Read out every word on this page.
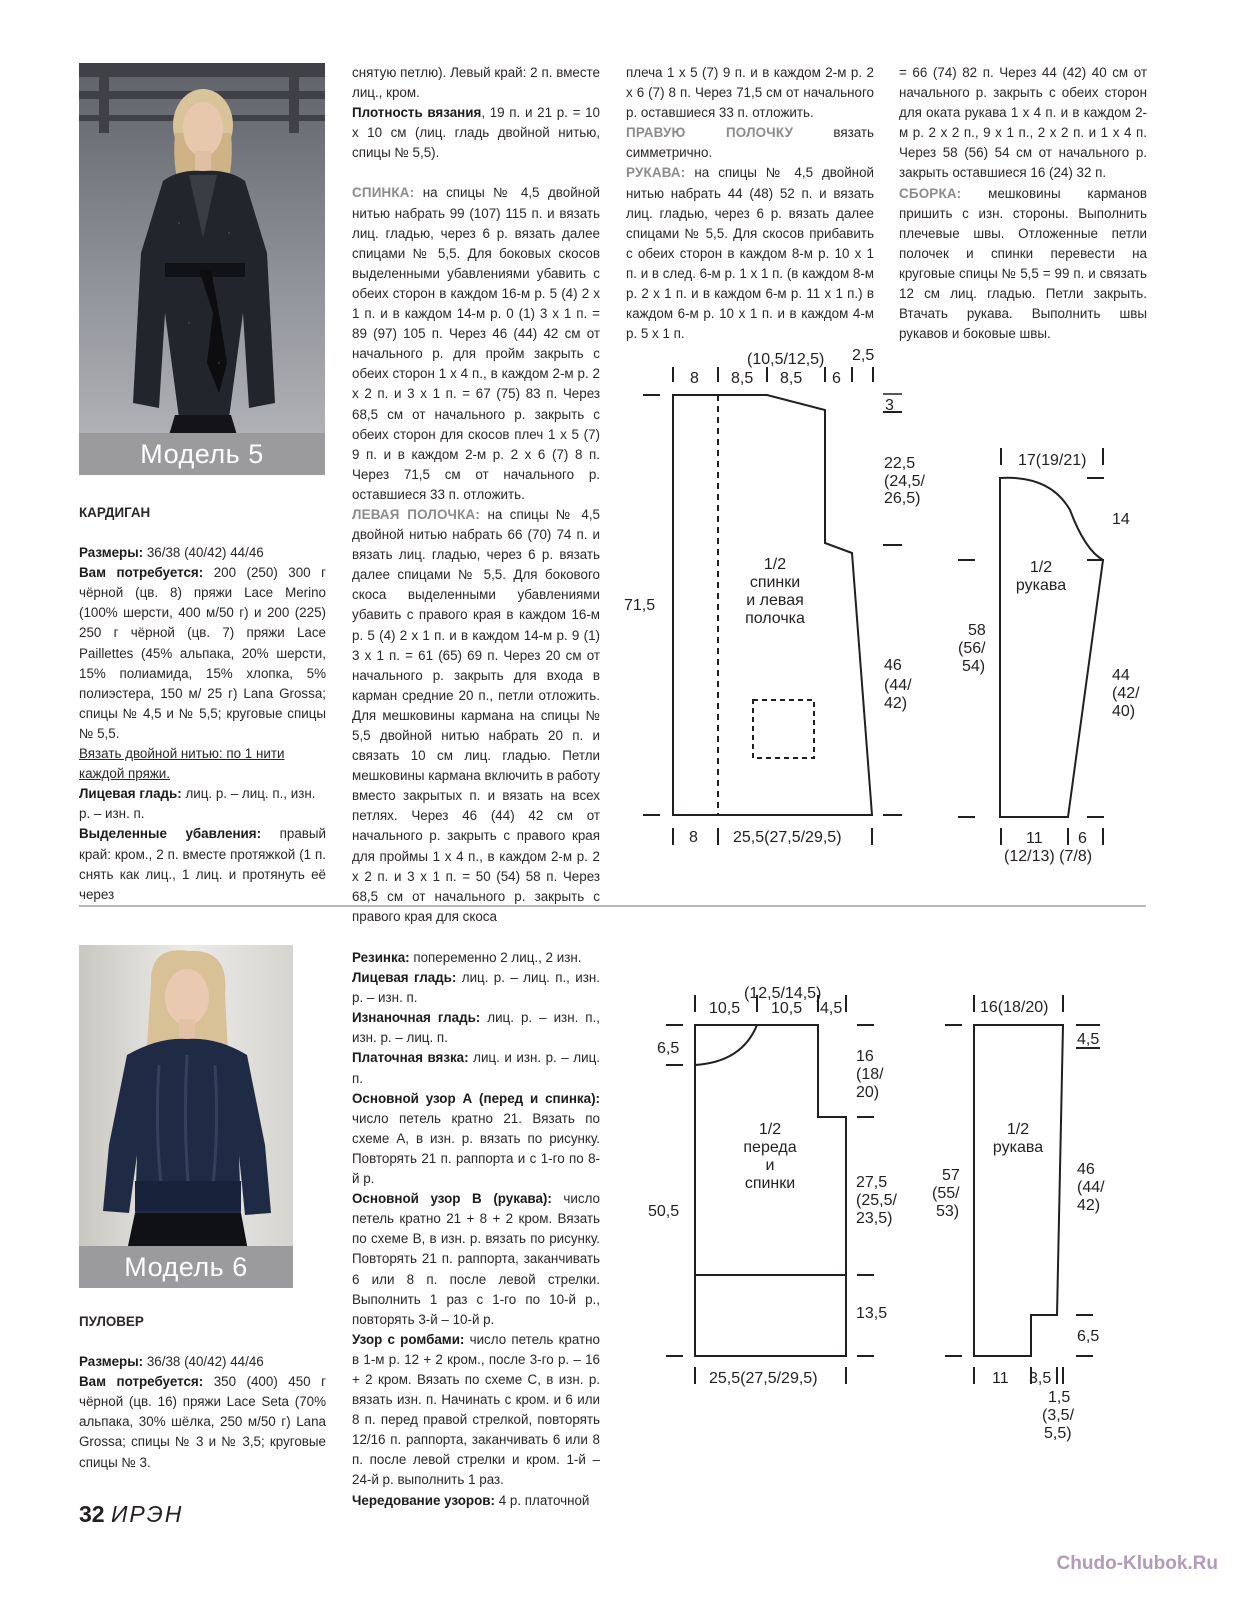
Модель 5

КАРДИГАН

Размеры: 36/38 (40/42) 44/46

Вам потребуется: 200 (250) 300 г чёрной (цв. 8) пряжи Lace Merino (100% шерсти, 400 м/50 г) и 200 (225) 250 г чёрной (цв. 7) пряжи Lace Paillettes (45% альпака, 20% шерсти, 15% полиамида, 15% хлопка, 5% полиэстера, 150 м/ 25 г) Lana Grossa; спицы № 4,5 и № 5,5; круговые спицы № 5,5.

Вязать двойной нитью: по 1 нити каждой пряжи.

Лицевая гладь: лиц. р. – лиц. п., изн. р. – изн. п.

Выделенные убавления: правый край: кром., 2 п. вместе протяжкой (1 п. снять как лиц., 1 лиц. и протянуть её через

снятую петлю). Левый край: 2 п. вместе лиц., кром.

Плотность вязания, 19 п. и 21 р. = 10 х 10 см (лиц. гладь двойной нитью, спицы № 5,5).

СПИНКА: на спицы № 4,5 двойной нитью набрать 99 (107) 115 п. и вязать лиц. гладью, через 6 р. вязать далее спицами № 5,5. Для боковых скосов выделенными убавлениями убавить с обеих сторон в каждом 16-м р. 5 (4) 2 х 1 п. и в каждом 14-м р. 0 (1) 3 х 1 п. = 89 (97) 105 п. Через 46 (44) 42 см от начального р. для пройм закрыть с обеих сторон 1 х 4 п., в каждом 2-м р. 2 х 2 п. и 3 х 1 п. = 67 (75) 83 п. Через 68,5 см от начального р. закрыть с обеих сторон для скосов плеч 1 х 5 (7) 9 п. и в каждом 2-м р. 2 х 6 (7) 8 п. Через 71,5 см от начального р. оставшиеся 33 п. отложить.

ЛЕВАЯ ПОЛОЧКА: на спицы № 4,5 двойной нитью набрать 66 (70) 74 п. и вязать лиц. гладью, через 6 р. вязать далее спицами № 5,5. Для бокового скоса выделенными убавлениями убавить с правого края в каждом 16-м р. 5 (4) 2 х 1 п. и в каждом 14-м р. 9 (1) 3 х 1 п. = 61 (65) 69 п. Через 20 см от начального р. закрыть для входа в карман средние 20 п., петли отложить. Для мешковины кармана на спицы № 5,5 двойной нитью набрать 20 п. и связать 10 см лиц. гладью. Петли мешковины кармана включить в работу вместо закрытых п. и вязать на всех петлях. Через 46 (44) 42 см от начального р. закрыть с правого края для проймы 1 х 4 п., в каждом 2-м р. 2 х 2 п. и 3 х 1 п. = 50 (54) 58 п. Через 68,5 см от начального р. закрыть с правого края для скоса

плеча 1 х 5 (7) 9 п. и в каждом 2-м р. 2 х 6 (7) 8 п. Через 71,5 см от начального р. оставшиеся 33 п. отложить.

ПРАВУЮ ПОЛОЧКУ вязать симметрично.

РУКАВА: на спицы № 4,5 двойной нитью набрать 44 (48) 52 п. и вязать лиц. гладью, через 6 р. вязать далее спицами № 5,5. Для скосов прибавить с обеих сторон в каждом 8-м р. 10 х 1 п. и в след. 6-м р. 1 х 1 п. (в каждом 8-м р. 2 х 1 п. и в каждом 6-м р. 11 х 1 п.) в каждом 6-м р. 10 х 1 п. и в каждом 4-м р. 5 х 1 п.

= 66 (74) 82 п. Через 44 (42) 40 см от начального р. закрыть с обеих сторон для оката рукава 1 х 4 п. и в каждом 2-м р. 2 х 2 п., 9 х 1 п., 2 х 2 п. и 1 х 4 п. Через 58 (56) 54 см от начального р. закрыть оставшиеся 16 (24) 32 п.

СБОРКА: мешковины карманов пришить с изн. стороны. Выполнить плечевые швы. Отложенные петли полочек и спинки перевести на круговые спицы № 5,5 = 99 п. и связать 12 см лиц. гладью. Петли закрыть. Втачать рукава. Выполнить швы рукавов и боковые швы.

(10,5/12,5) 2,5
8 8,5 8,5 6
3
22,5
(24,5/
26,5)
71,5
46
(44/
42)
8 25,5(27,5/29,5)
1/2
спинки
и левая
полочка
17(19/21)
14
58
(56/
54)
44
(42/
40)
11 6
(12/13) (7/8)
1/2
рукава
Модель 6

ПУЛОВЕР

Размеры: 36/38 (40/42) 44/46

Вам потребуется: 350 (400) 450 г чёрной (цв. 16) пряжи Lace Seta (70% альпака, 30% шёлка, 250 м/50 г) Lana Grossa; спицы № 3 и № 3,5; круговые спицы № 3.

Резинка: попеременно 2 лиц., 2 изн.

Лицевая гладь: лиц. р. – лиц. п., изн. р. – изн. п.

Изнаночная гладь: лиц. р. – изн. п., изн. р. – лиц. п.

Платочная вязка: лиц. и изн. р. – лиц. п.

Основной узор А (перед и спинка): число петель кратно 21. Вязать по схеме А, в изн. р. вязать по рисунку. Повторять 21 п. раппорта и с 1-го по 8-й р.

Основной узор В (рукава): число петель кратно 21 + 8 + 2 кром. Вязать по схеме В, в изн. р. вязать по рисунку. Повторять 21 п. раппорта, заканчивать 6 или 8 п. после левой стрелки. Выполнить 1 раз с 1-го по 10-й р., повторять 3-й – 10-й р.

Узор с ромбами: число петель кратно в 1-м р. 12 + 2 кром., после 3-го р. – 16 + 2 кром. Вязать по схеме С, в изн. р. вязать изн. п. Начинать с кром. и 6 или 8 п. перед правой стрелкой, повторять 12/16 п. раппорта, заканчивать 6 или 8 п. после левой стрелки и кром. 1-й – 24-й р. выполнить 1 раз.

Чередование узоров: 4 р. платочной

(12,5/14,5)
10,5 10,5 4,5
6,5	16
(18/
20)
27,5
(25,5/
23,5)
50,5
13,5
25,5(27,5/29,5)
1/2
переда
и
спинки
16(18/20)
4,5
57
(55/
53)
46
(44/
42)
6,5
11 3,5
1,5
(3,5/
5,5)
1/2
рукава
32 ИРЭН
Chudo-Klubok.Ru
